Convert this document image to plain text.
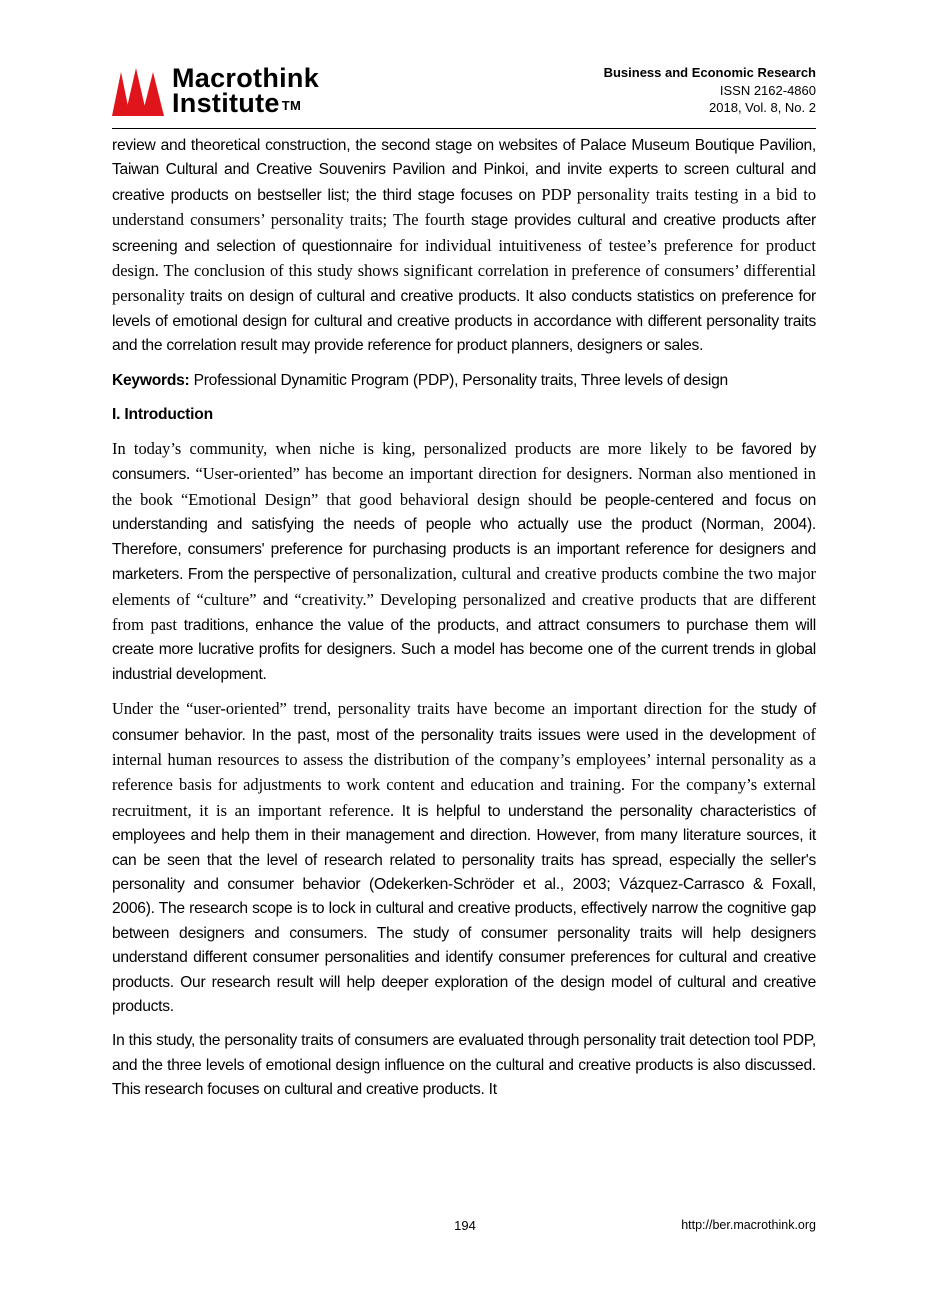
Macrothink
Institute ™
Business and Economic Research
ISSN 2162-4860
2018, Vol. 8, No. 2

review and theoretical construction, the second stage on websites of Palace Museum Boutique Pavilion, Taiwan Cultural and Creative Souvenirs Pavilion and Pinkoi, and invite experts to screen cultural and creative products on bestseller list; the third stage focuses on PDP personality traits testing in a bid to understand consumers’ personality traits; The fourth stage provides cultural and creative products after screening and selection of questionnaire for individual intuitiveness of testee’s preference for product design. The conclusion of this study shows significant correlation in preference of consumers’ differential personality traits on design of cultural and creative products. It also conducts statistics on preference for levels of emotional design for cultural and creative products in accordance with different personality traits and the correlation result may provide reference for product planners, designers or sales.

Keywords: Professional Dynamitic Program (PDP), Personality traits, Three levels of design

I. Introduction

In today’s community, when niche is king, personalized products are more likely to be favored by consumers. “User-oriented” has become an important direction for designers. Norman also mentioned in the book “Emotional Design” that good behavioral design should be people-centered and focus on understanding and satisfying the needs of people who actually use the product (Norman, 2004). Therefore, consumers' preference for purchasing products is an important reference for designers and marketers. From the perspective of personalization, cultural and creative products combine the two major elements of “culture” and “creativity.” Developing personalized and creative products that are different from past traditions, enhance the value of the products, and attract consumers to purchase them will create more lucrative profits for designers. Such a model has become one of the current trends in global industrial development.

Under the “user-oriented” trend, personality traits have become an important direction for the study of consumer behavior. In the past, most of the personality traits issues were used in the development of internal human resources to assess the distribution of the company’s employees’ internal personality as a reference basis for adjustments to work content and education and training. For the company’s external recruitment, it is an important reference. It is helpful to understand the personality characteristics of employees and help them in their management and direction. However, from many literature sources, it can be seen that the level of research related to personality traits has spread, especially the seller's personality and consumer behavior (Odekerken-Schröder et al., 2003; Vázquez-Carrasco & Foxall, 2006). The research scope is to lock in cultural and creative products, effectively narrow the cognitive gap between designers and consumers. The study of consumer personality traits will help designers understand different consumer personalities and identify consumer preferences for cultural and creative products. Our research result will help deeper exploration of the design model of cultural and creative products.

In this study, the personality traits of consumers are evaluated through personality trait detection tool PDP, and the three levels of emotional design influence on the cultural and creative products is also discussed. This research focuses on cultural and creative products. It

194	http://ber.macrothink.org
